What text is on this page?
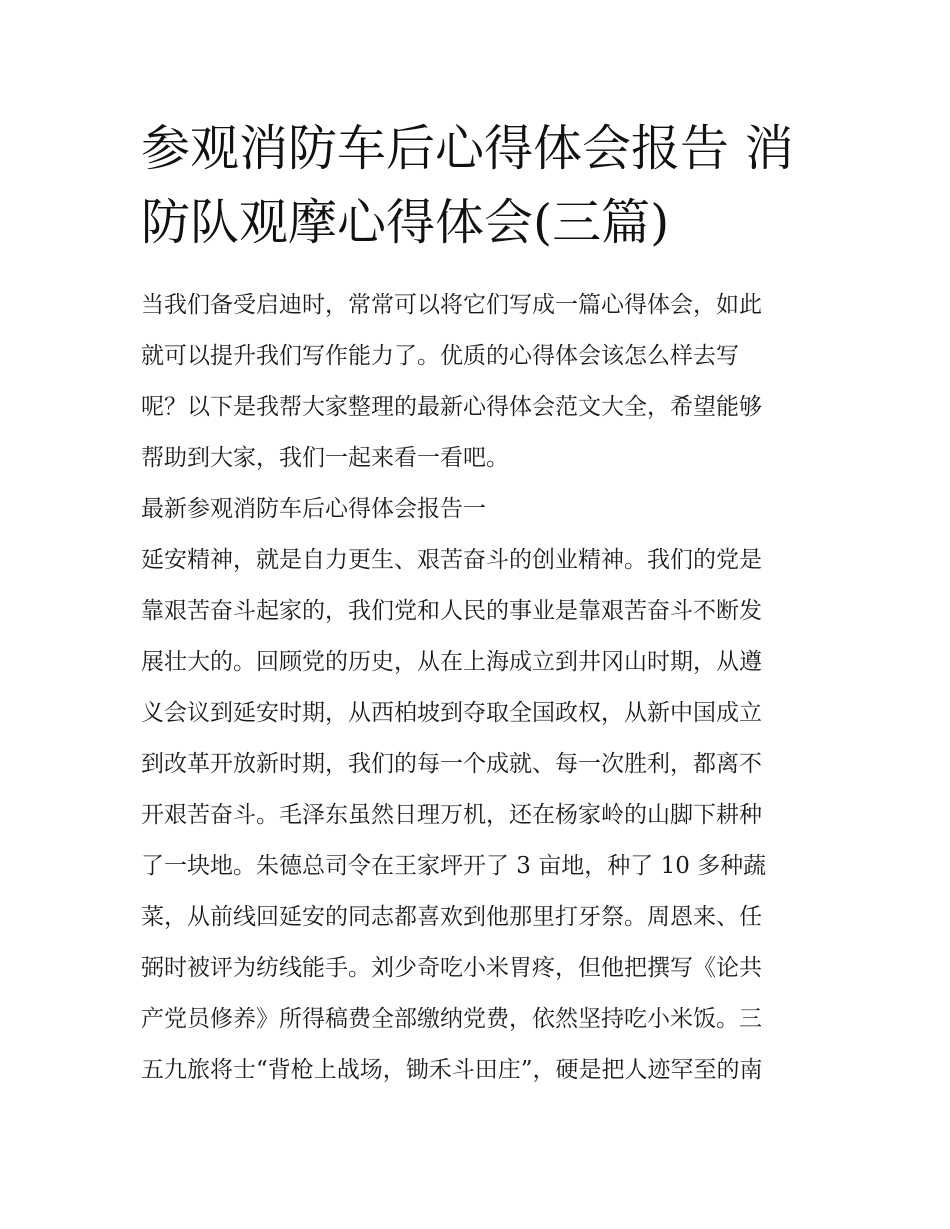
参观消防车后心得体会报告 消
防队观摩心得体会(三篇)
当我们备受启迪时，常常可以将它们写成一篇心得体会，如此
就可以提升我们写作能力了。优质的心得体会该怎么样去写
呢？以下是我帮大家整理的最新心得体会范文大全，希望能够
帮助到大家，我们一起来看一看吧。
最新参观消防车后心得体会报告一
延安精神，就是自力更生、艰苦奋斗的创业精神。我们的党是
靠艰苦奋斗起家的，我们党和人民的事业是靠艰苦奋斗不断发
展壮大的。回顾党的历史，从在上海成立到井冈山时期，从遵
义会议到延安时期，从西柏坡到夺取全国政权，从新中国成立
到改革开放新时期，我们的每一个成就、每一次胜利，都离不
开艰苦奋斗。毛泽东虽然日理万机，还在杨家岭的山脚下耕种
了一块地。朱德总司令在王家坪开了 3 亩地，种了 10 多种蔬
菜，从前线回延安的同志都喜欢到他那里打牙祭。周恩来、任
弼时被评为纺线能手。刘少奇吃小米胃疼，但他把撰写《论共
产党员修养》所得稿费全部缴纳党费，依然坚持吃小米饭。三
五九旅将士“背枪上战场，锄禾斗田庄”，硬是把人迹罕至的南
